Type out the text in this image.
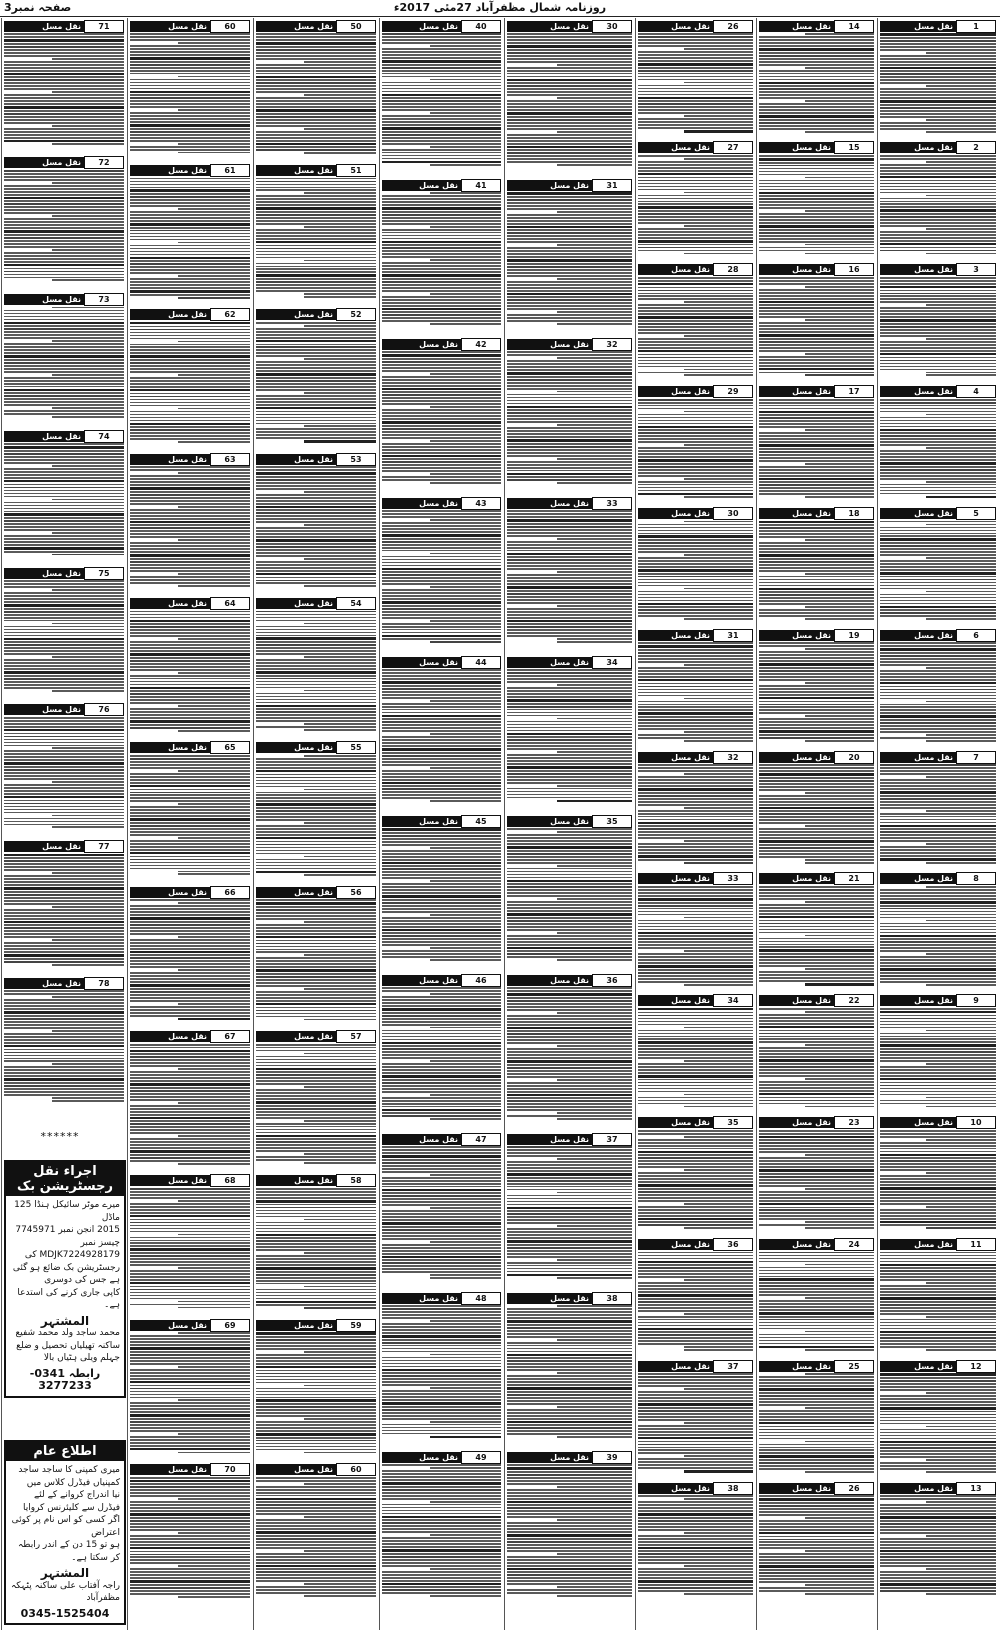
صفحہ نمبر3	روزنامہ شمال مظفرآباد 27مئی 2017ء
1
نقل مسل
2
نقل مسل
3
نقل مسل
4
نقل مسل
5
نقل مسل
6
نقل مسل
7
نقل مسل
8
نقل مسل
9
نقل مسل
10
نقل مسل
11
نقل مسل
12
نقل مسل
13
نقل مسل
14
نقل مسل
15
نقل مسل
16
نقل مسل
17
نقل مسل
18
نقل مسل
19
نقل مسل
20
نقل مسل
21
نقل مسل
22
نقل مسل
23
نقل مسل
24
نقل مسل
25
نقل مسل
26
نقل مسل
26
نقل مسل
27
نقل مسل
28
نقل مسل
29
نقل مسل
30
نقل مسل
31
نقل مسل
32
نقل مسل
33
نقل مسل
34
نقل مسل
35
نقل مسل
36
نقل مسل
37
نقل مسل
38
نقل مسل
30
نقل مسل
31
نقل مسل
32
نقل مسل
33
نقل مسل
34
نقل مسل
35
نقل مسل
36
نقل مسل
37
نقل مسل
38
نقل مسل
39
نقل مسل
40
نقل مسل
41
نقل مسل
42
نقل مسل
43
نقل مسل
44
نقل مسل
45
نقل مسل
46
نقل مسل
47
نقل مسل
48
نقل مسل
49
نقل مسل
50
نقل مسل
51
نقل مسل
52
نقل مسل
53
نقل مسل
54
نقل مسل
55
نقل مسل
56
نقل مسل
57
نقل مسل
58
نقل مسل
59
نقل مسل
60
نقل مسل
60
نقل مسل
61
نقل مسل
62
نقل مسل
63
نقل مسل
64
نقل مسل
65
نقل مسل
66
نقل مسل
67
نقل مسل
68
نقل مسل
69
نقل مسل
70
نقل مسل
71
نقل مسل
72
نقل مسل
73
نقل مسل
74
نقل مسل
75
نقل مسل
76
نقل مسل
77
نقل مسل
78
نقل مسل
******
اجراء نقل رجسٹریشن بک

میرے موٹر سائیکل ہنڈا 125 ماڈل

2015 انجن نمبر 7745971

چیسز نمبر MDJK7224928179 کی

رجسٹریشن بک ضائع ہو گئی ہے جس کی دوسری

کاپی جاری کرنے کی استدعا ہے۔

المشتہر

محمد ساجد ولد محمد شفیع ساکنہ تھیلیاں تحصیل و ضلع جہلم ویلی ہٹیاں بالا

رابطہ 0341-3277233
اطلاع عام

میری کمپنی کا ساجد ساجد کمپنیاں فیڈرل کلاس میں

نیا اندراج کروانے کے لئے فیڈرل سے کلیئرنس کروایا

اگر کسی کو اس نام پر کوئی اعتراض

ہو تو 15 دن کے اندر رابطہ کر سکتا ہے۔

المشتہر

راجہ آفتاب علی ساکنہ پٹہکہ مظفرآباد

0345-1525404
